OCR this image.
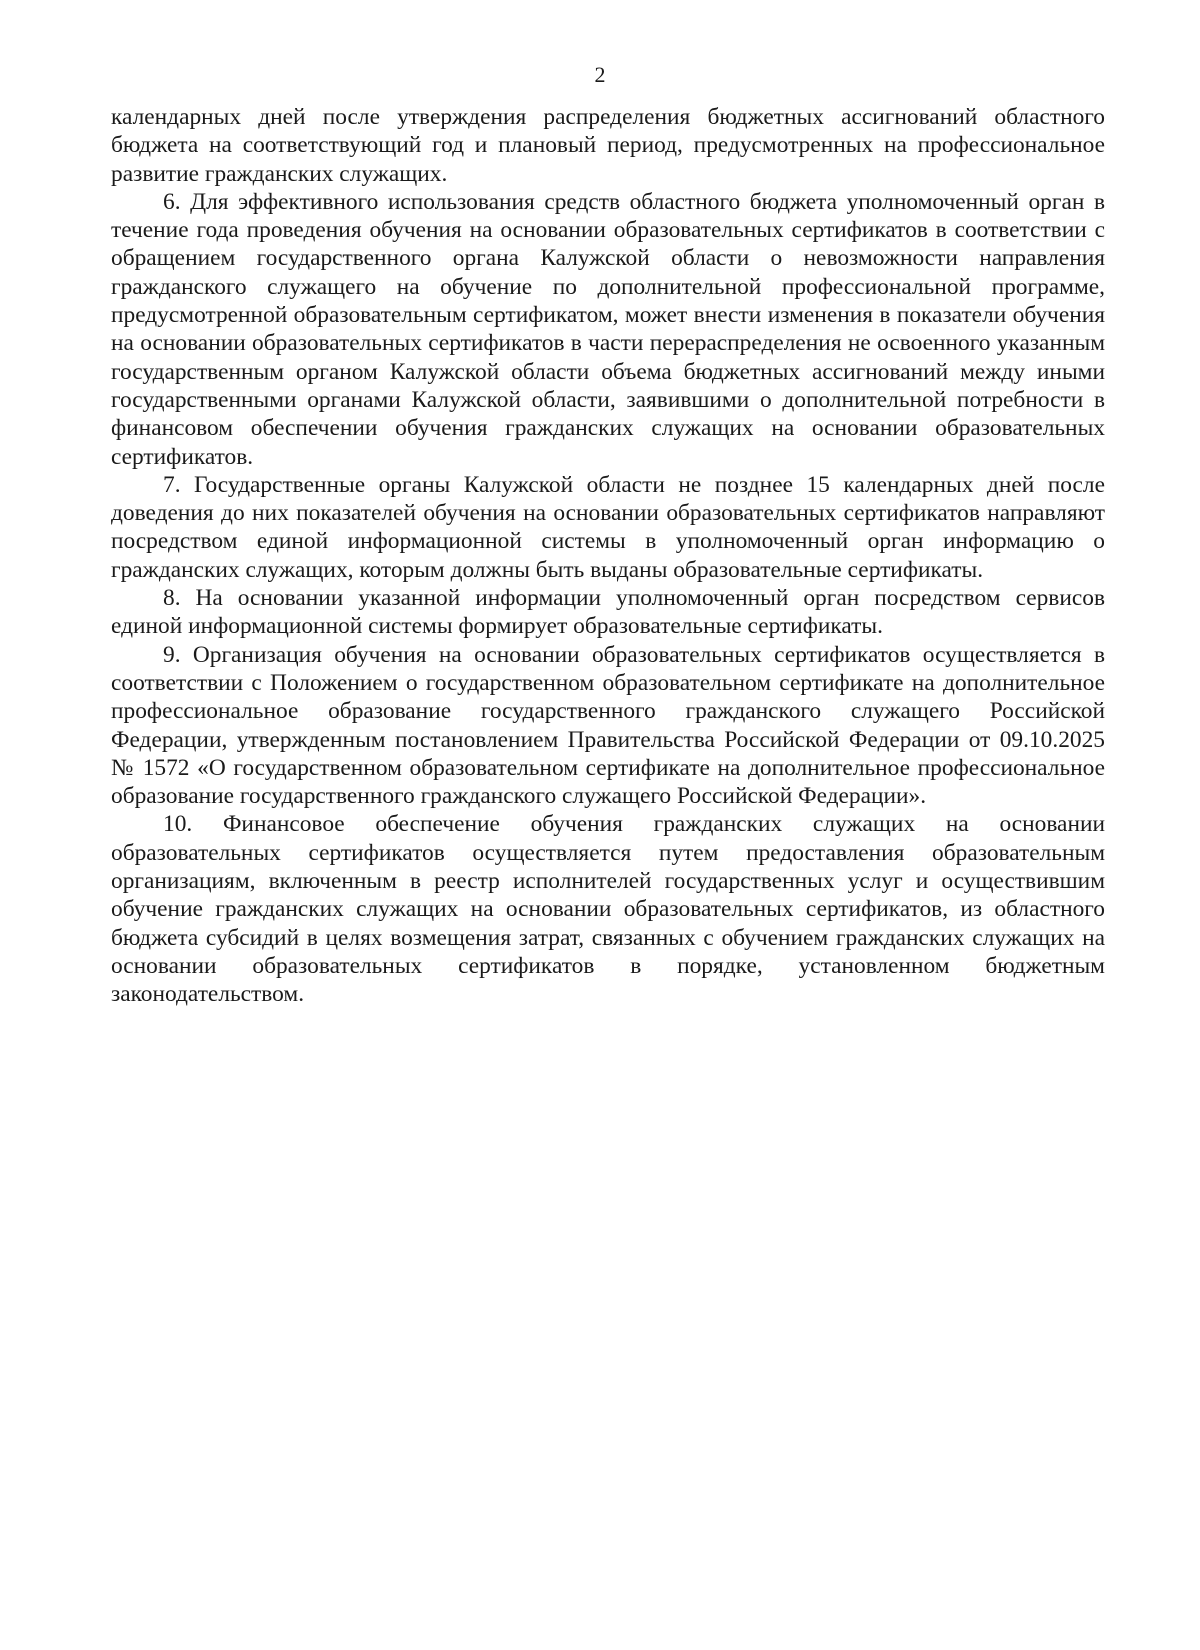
2

календарных дней после утверждения распределения бюджетных ассигнований областного бюджета на соответствующий год и плановый период, предусмотренных на профессиональное развитие гражданских служащих.

6. Для эффективного использования средств областного бюджета уполномоченный орган в течение года проведения обучения на основании образовательных сертификатов в соответствии с обращением государственного органа Калужской области о невозможности направления гражданского служащего на обучение по дополнительной профессиональной программе, предусмотренной образовательным сертификатом, может внести изменения в показатели обучения на основании образовательных сертификатов в части перераспределения не освоенного указанным государственным органом Калужской области объема бюджетных ассигнований между иными государственными органами Калужской области, заявившими о дополнительной потребности в финансовом обеспечении обучения гражданских служащих на основании образовательных сертификатов.

7. Государственные органы Калужской области не позднее 15 календарных дней после доведения до них показателей обучения на основании образовательных сертификатов направляют посредством единой информационной системы в уполномоченный орган информацию о гражданских служащих, которым должны быть выданы образовательные сертификаты.

8. На основании указанной информации уполномоченный орган посредством сервисов единой информационной системы формирует образовательные сертификаты.

9. Организация обучения на основании образовательных сертификатов осуществляется в соответствии с Положением о государственном образовательном сертификате на дополнительное профессиональное образование государственного гражданского служащего Российской Федерации, утвержденным постановлением Правительства Российской Федерации от 09.10.2025 № 1572 «О государственном образовательном сертификате на дополнительное профессиональное образование государственного гражданского служащего Российской Федерации».

10. Финансовое обеспечение обучения гражданских служащих на основании образовательных сертификатов осуществляется путем предоставления образовательным организациям, включенным в реестр исполнителей государственных услуг и осуществившим обучение гражданских служащих на основании образовательных сертификатов, из областного бюджета субсидий в целях возмещения затрат, связанных с обучением гражданских служащих на основании образовательных сертификатов в порядке, установленном бюджетным законодательством.
